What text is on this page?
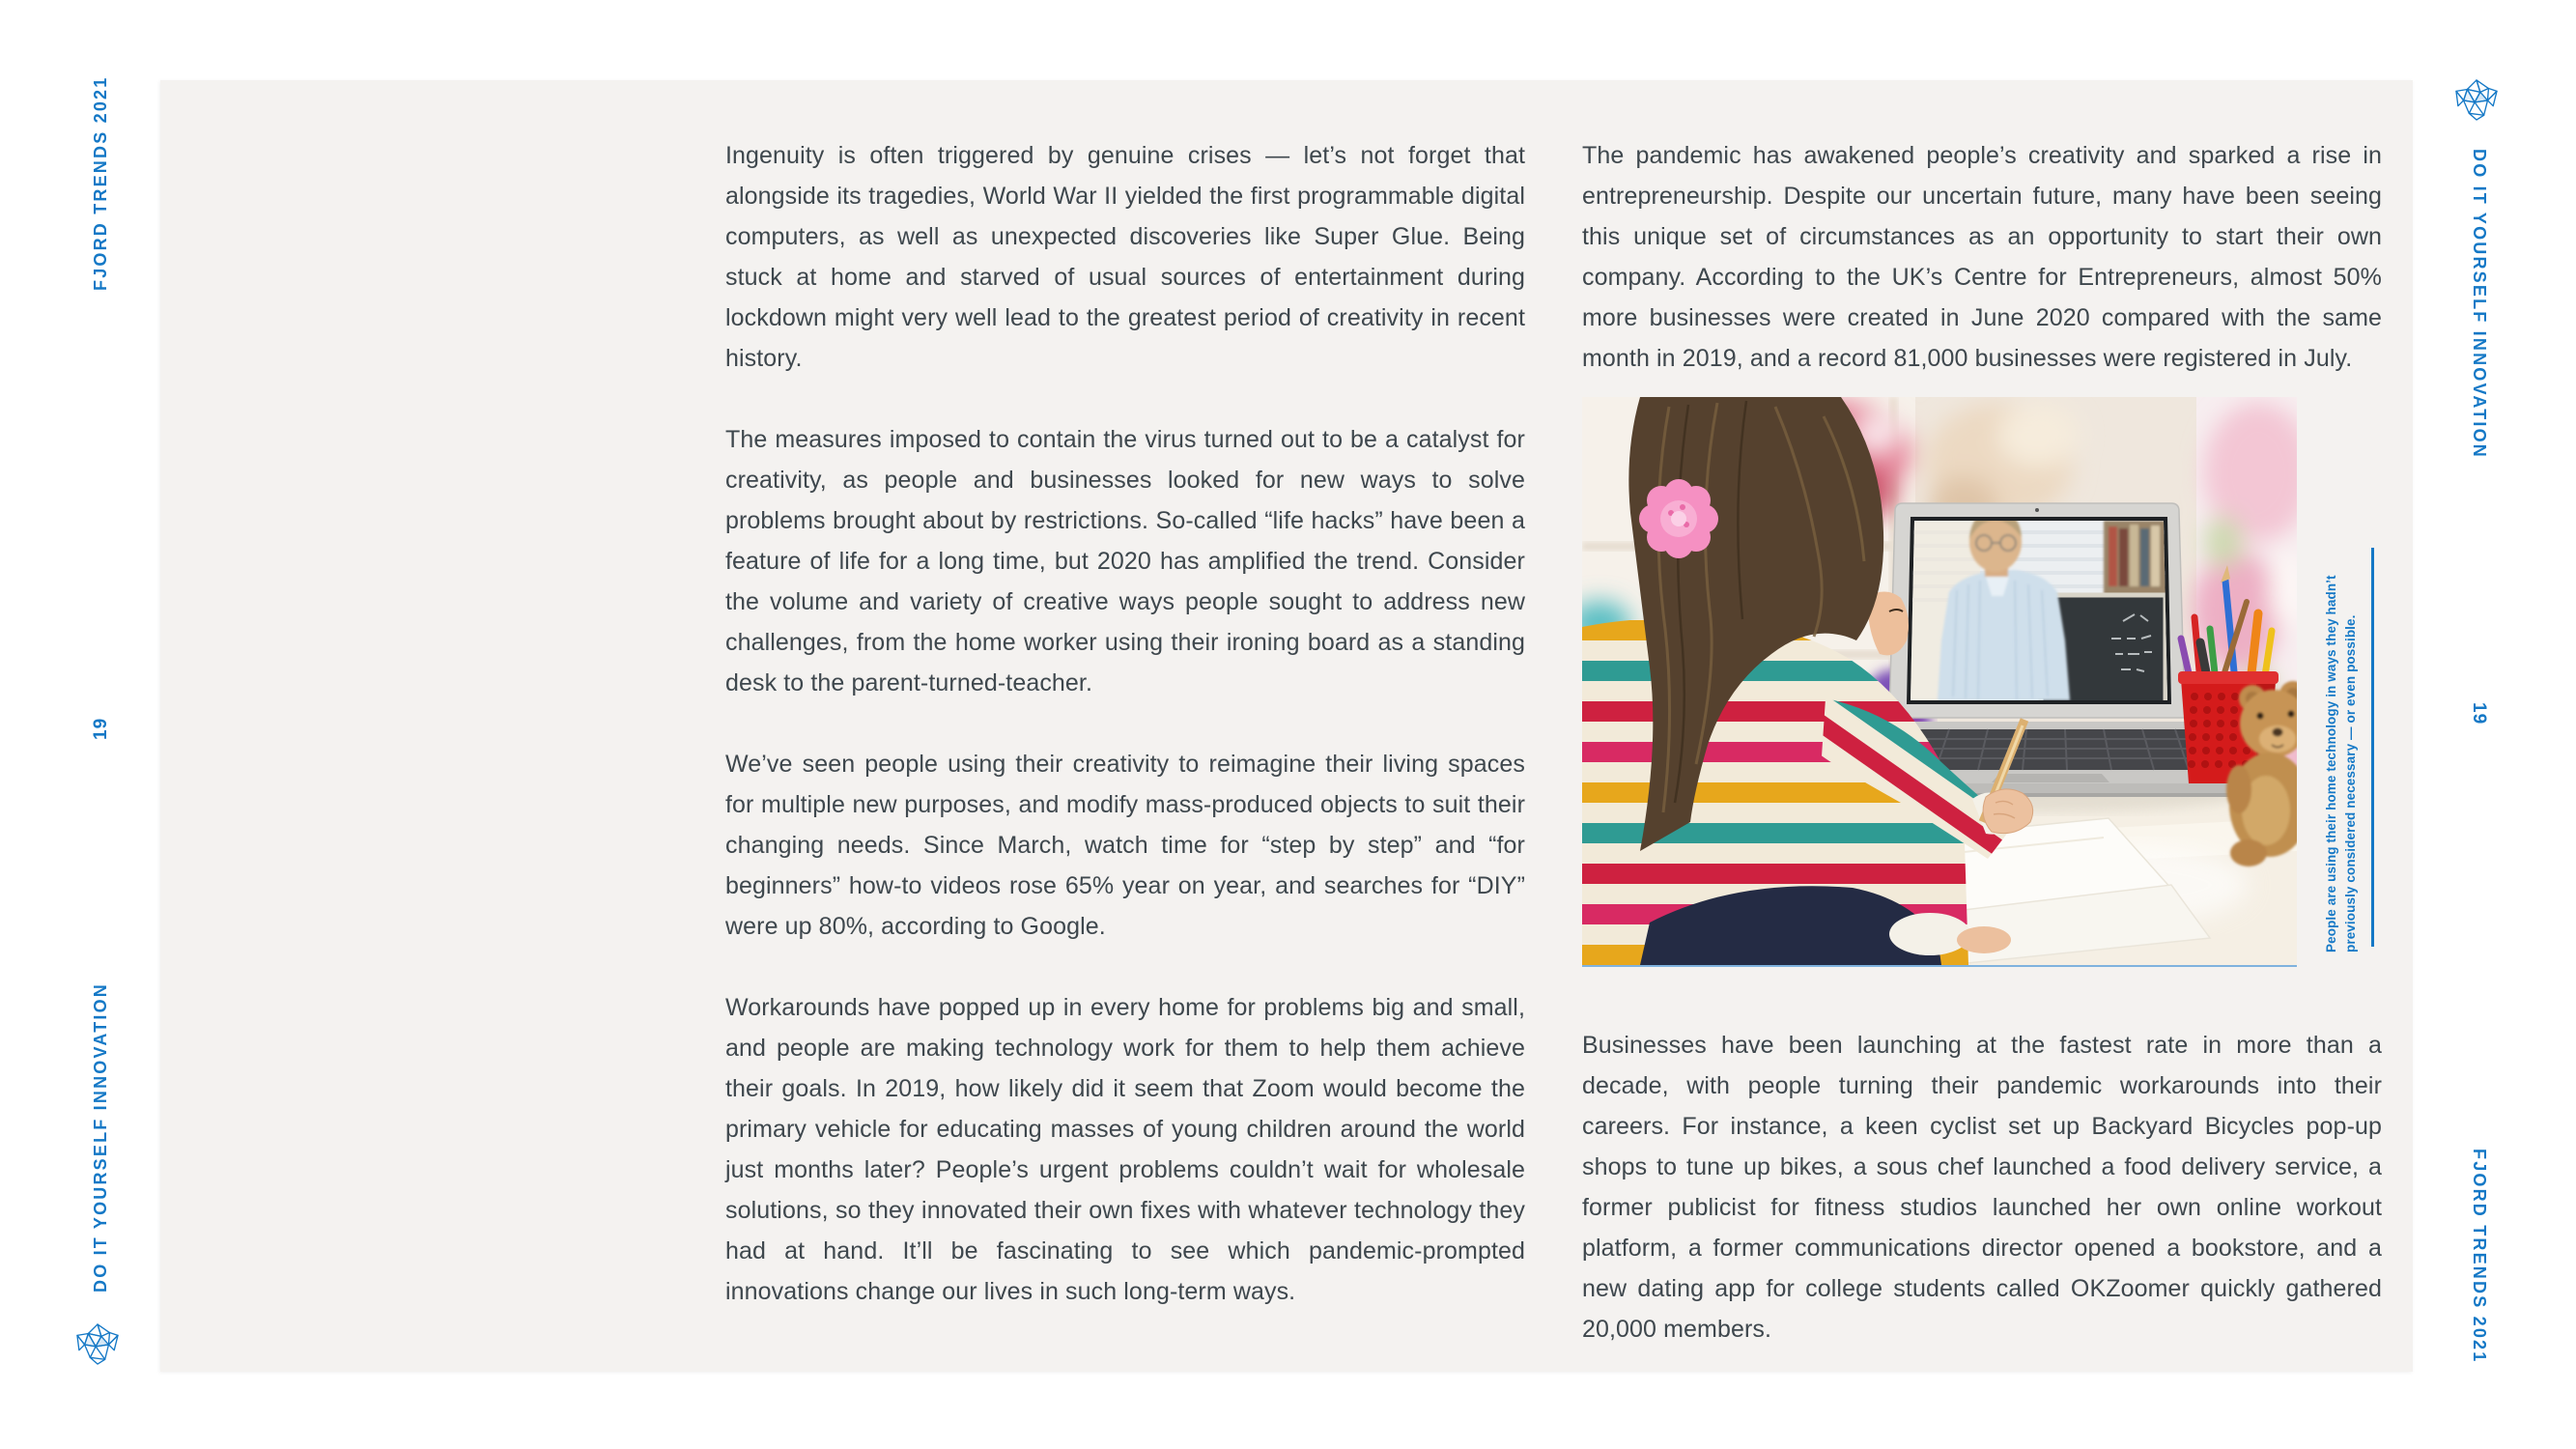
FJORD TRENDS 2021
19
DO IT YOURSELF INNOVATION
DO IT YOURSELF INNOVATION
19
FJORD TRENDS 2021

Ingenuity is often triggered by genuine crises — let’s not forget that alongside its tragedies, World War II yielded the first programmable digital computers, as well as unexpected discoveries like Super Glue. Being stuck at home and starved of usual sources of entertainment during lockdown might very well lead to the greatest period of creativity in recent history.

The measures imposed to contain the virus turned out to be a catalyst for creativity, as people and businesses looked for new ways to solve problems brought about by restrictions. So-called “life hacks” have been a feature of life for a long time, but 2020 has amplified the trend. Consider the volume and variety of creative ways people sought to address new challenges, from the home worker using their ironing board as a standing desk to the parent-turned-teacher.

We’ve seen people using their creativity to reimagine their living spaces for multiple new purposes, and modify mass-produced objects to suit their changing needs. Since March, watch time for “step by step” and “for beginners” how-to videos rose 65% year on year, and searches for “DIY” were up 80%, according to Google.

Workarounds have popped up in every home for problems big and small, and people are making technology work for them to help them achieve their goals. In 2019, how likely did it seem that Zoom would become the primary vehicle for educating masses of young children around the world just months later? People’s urgent problems couldn’t wait for wholesale solutions, so they innovated their own fixes with whatever technology they had at hand. It’ll be fascinating to see which pandemic-prompted innovations change our lives in such long-term ways.

The pandemic has awakened people’s creativity and sparked a rise in entrepreneurship. Despite our uncertain future, many have been seeing this unique set of circumstances as an opportunity to start their own company. According to the UK’s Centre for Entrepreneurs, almost 50% more businesses were created in June 2020 compared with the same month in 2019, and a record 81,000 businesses were registered in July.

Businesses have been launching at the fastest rate in more than a decade, with people turning their pandemic workarounds into their careers. For instance, a keen cyclist set up Backyard Bicycles pop-up shops to tune up bikes, a sous chef launched a food delivery service, a former publicist for fitness studios launched her own online workout platform, a former communications director opened a bookstore, and a new dating app for college students called OKZoomer quickly gathered 20,000 members.

People are using their home technology in ways they hadn’t previously considered necessary — or even possible.
